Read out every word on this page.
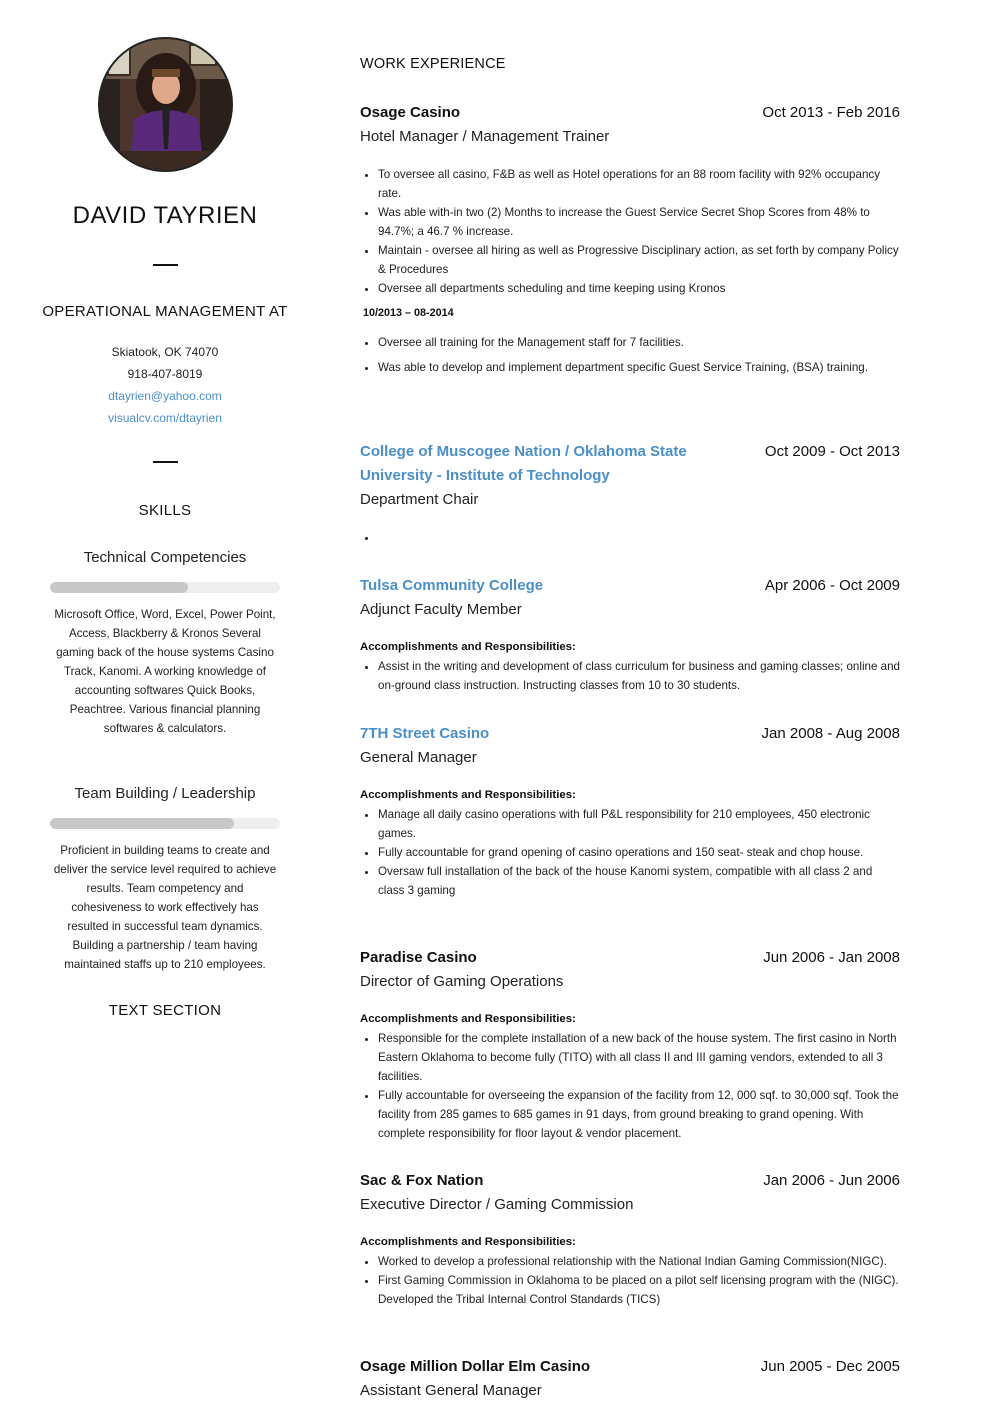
DAVID TAYRIEN
OPERATIONAL MANAGEMENT AT
Skiatook, OK 74070
918-407-8019
dtayrien@yahoo.com
visualcv.com/dtayrien
SKILLS
Technical Competencies
Microsoft Office, Word, Excel, Power Point, Access, Blackberry & Kronos Several gaming back of the house systems Casino Track, Kanomi. A working knowledge of accounting softwares Quick Books, Peachtree. Various financial planning softwares & calculators.
Team Building / Leadership
Proficient in building teams to create and deliver the service level required to achieve results. Team competency and cohesiveness to work effectively has resulted in successful team dynamics. Building a partnership / team having maintained staffs up to 210 employees.
TEXT SECTION
WORK EXPERIENCE
Osage Casino	Oct 2013 - Feb 2016
Hotel Manager / Management Trainer
• To oversee all casino, F&B as well as Hotel operations for an 88 room facility with 92% occupancy rate.
• Was able with-in two (2) Months to increase the Guest Service Secret Shop Scores from 48% to 94.7%; a 46.7 % increase.
• Maintain - oversee all hiring as well as Progressive Disciplinary action, as set forth by company Policy & Procedures
• Oversee all departments scheduling and time keeping using Kronos
10/2013 – 08-2014
• Oversee all training for the Management staff for 7 facilities.
• Was able to develop and implement department specific Guest Service Training, (BSA) training.
College of Muscogee Nation / Oklahoma State University - Institute of Technology
Oct 2009 - Oct 2013
Department Chair
•
Tulsa Community College	Apr 2006 - Oct 2009
Adjunct Faculty Member
Accomplishments and Responsibilities:
• Assist in the writing and development of class curriculum for business and gaming classes; online and on-ground class instruction. Instructing classes from 10 to 30 students.
7TH Street Casino	Jan 2008 - Aug 2008
General Manager
Accomplishments and Responsibilities:
• Manage all daily casino operations with full P&L responsibility for 210 employees, 450 electronic games.
• Fully accountable for grand opening of casino operations and 150 seat- steak and chop house.
• Oversaw full installation of the back of the house Kanomi system, compatible with all class 2 and class 3 gaming
Paradise Casino	Jun 2006 - Jan 2008
Director of Gaming Operations
Accomplishments and Responsibilities:
• Responsible for the complete installation of a new back of the house system. The first casino in North Eastern Oklahoma to become fully (TITO) with all class II and III gaming vendors, extended to all 3 facilities.
• Fully accountable for overseeing the expansion of the facility from 12, 000 sqf. to 30,000 sqf. Took the facility from 285 games to 685 games in 91 days, from ground breaking to grand opening. With complete responsibility for floor layout & vendor placement.
Sac & Fox Nation	Jan 2006 - Jun 2006
Executive Director / Gaming Commission
Accomplishments and Responsibilities:
• Worked to develop a professional relationship with the National Indian Gaming Commission(NIGC).
• First Gaming Commission in Oklahoma to be placed on a pilot self licensing program with the (NIGC). Developed the Tribal Internal Control Standards (TICS)
Osage Million Dollar Elm Casino	Jun 2005 - Dec 2005
Assistant General Manager
